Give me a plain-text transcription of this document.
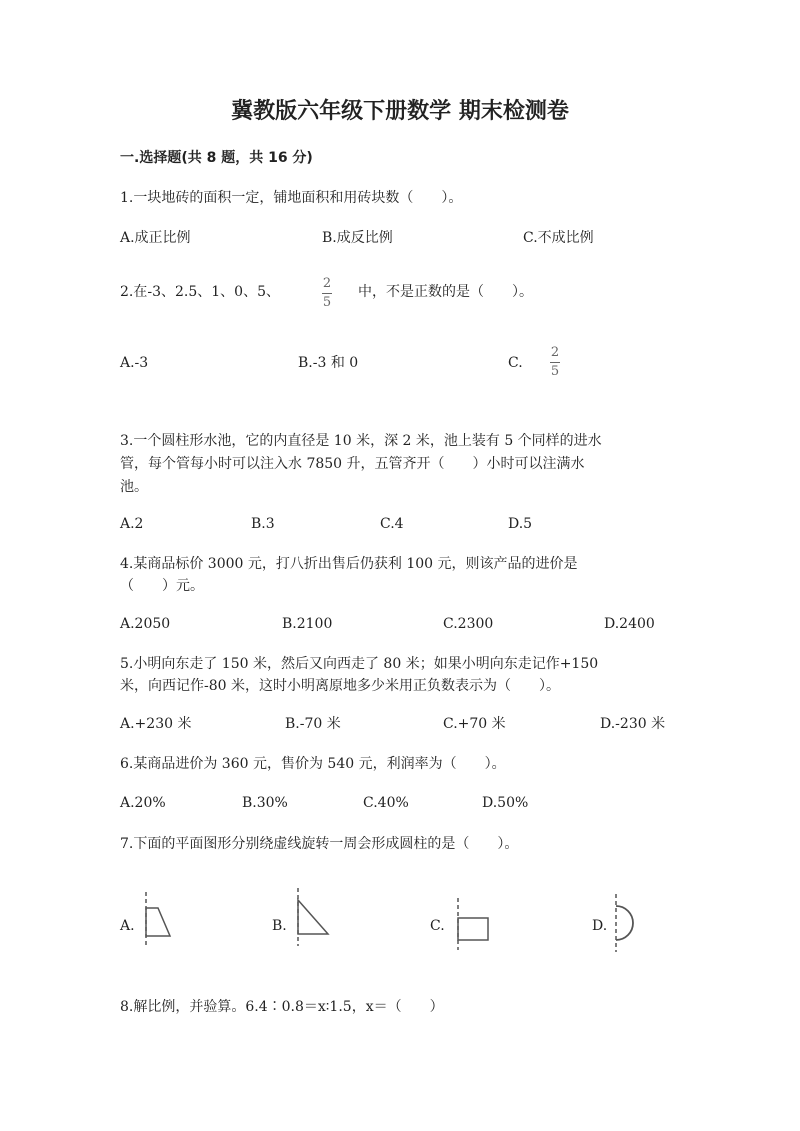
冀教版六年级下册数学 期末检测卷
一.选择题(共 8 题，共 16 分)
1.一块地砖的面积一定，铺地面积和用砖块数（　　）。
A.成正比例	B.成反比例	C.不成比例
2.在-3、2.5、1、0、5、
2
5
中，不是正数的是（　　）。
A.-3	B.-3 和 0	C.
2
5
3.一个圆柱形水池，它的内直径是 10 米，深 2 米，池上装有 5 个同样的进水
管，每个管每小时可以注入水 7850 升，五管齐开（　　）小时可以注满水
池。
A.2	B.3	C.4	D.5
4.某商品标价 3000 元，打八折出售后仍获利 100 元，则该产品的进价是
（　　）元。
A.2050	B.2100	C.2300	D.2400
5.小明向东走了 150 米，然后又向西走了 80 米；如果小明向东走记作+150
米，向西记作-80 米，这时小明离原地多少米用正负数表示为（　　）。
A.+230 米	B.-70 米	C.+70 米	D.-230 米
6.某商品进价为 360 元，售价为 540 元，利润率为（　　）。
A.20%	B.30%	C.40%	D.50%
7.下面的平面图形分别绕虚线旋转一周会形成圆柱的是（　　）。
A.	B.	C.	D.
8.解比例，并验算。6.4∶0.8＝x∶1.5，x＝（　　）
